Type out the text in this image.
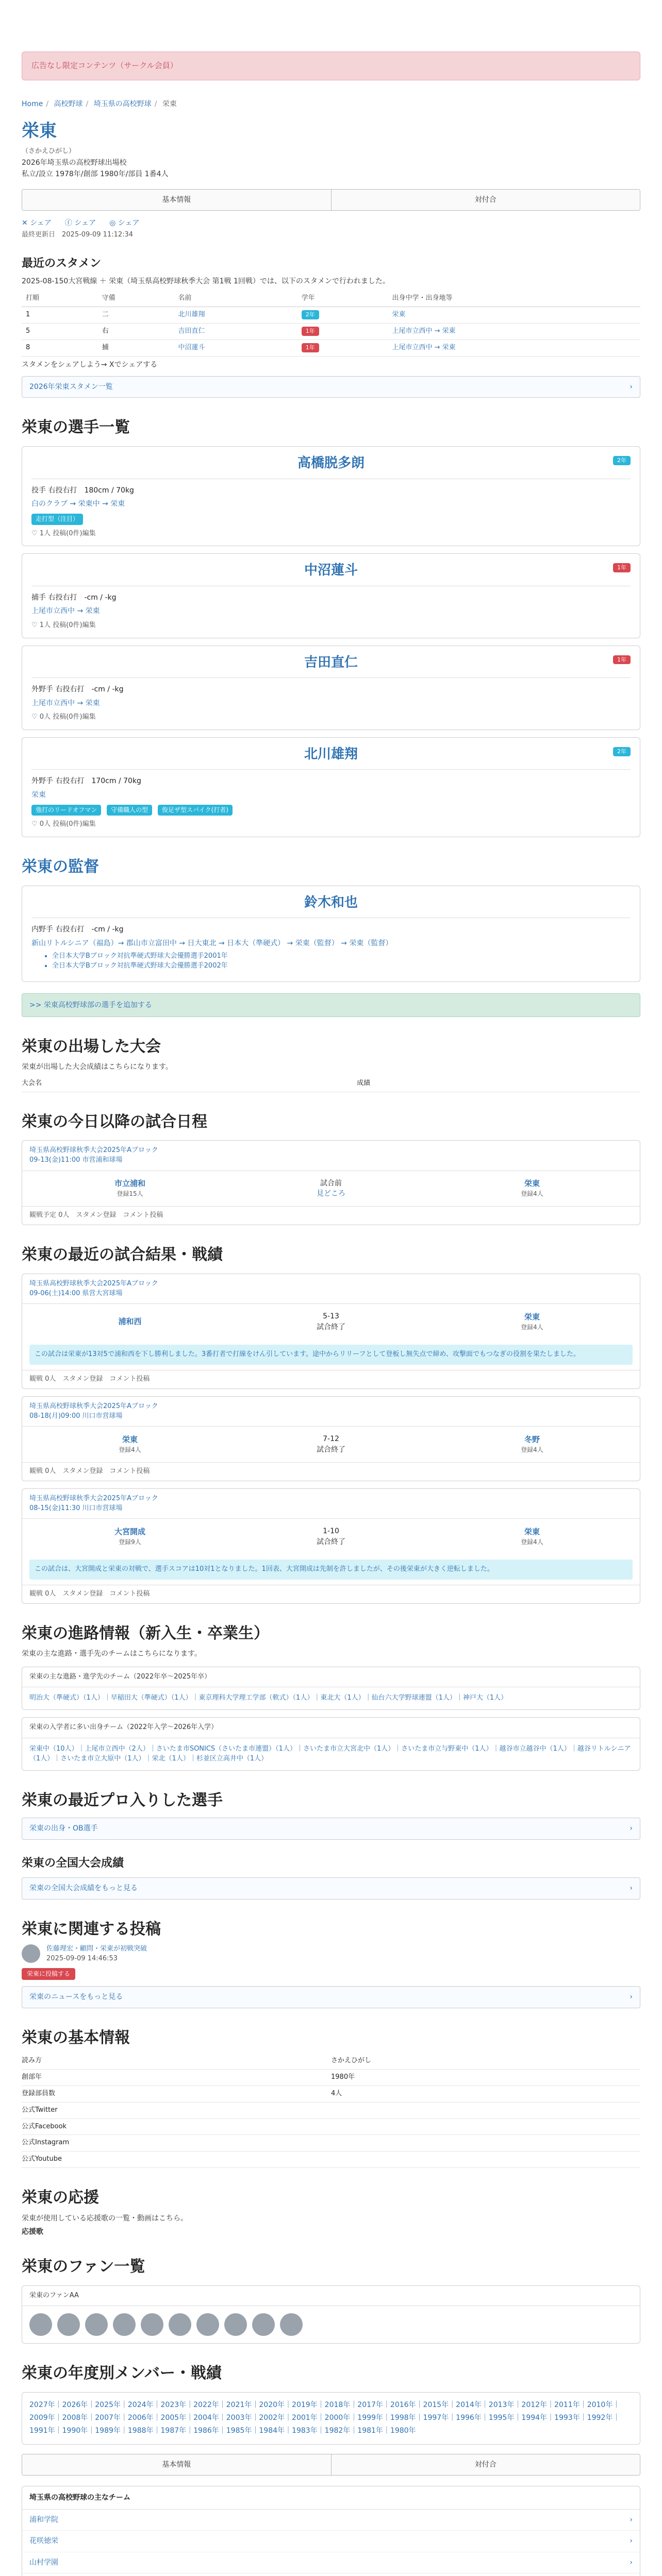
広告なし限定コンテンツ（サークル会員）
Home / 高校野球 / 埼玉県の高校野球 / 栄東
栄東
（さかえひがし）
2026年埼玉県の高校野球出場校
私立/設立 1978年/創部 1980年/部員 1番4人
基本情報	対付合
✕ シェア ⓕ シェア ◎ シェア
最終更新日　2025-09-09 11:12:34
最近のスタメン
2025-08-150大宮戦線 ＋ 栄東（埼玉県高校野球秋季大会 第1戦 1回戦）では、以下のスタメンで行われました。
打順	守備	名前	学年	出身中学・出身地等
1	二	北川雄翔	2年	栄東
5	右	吉田直仁	1年	上尾市立西中 → 栄東
8	捕	中沼蓮斗	1年	上尾市立西中 → 栄東
スタメンをシェアしよう→ Xでシェアする
2026年栄東スタメン一覧	›
栄東の選手一覧
高橋脱多朗	2年
投手 右投右打　180cm / 70kg
白のクラブ → 栄東中 → 栄東
走打型（注目）
♡ 1人 投稿(0件)編集
中沼蓮斗	1年
捕手 右投右打　-cm / -kg
上尾市立西中 → 栄東
♡ 1人 投稿(0件)編集
吉田直仁	1年
外野手 右投右打　-cm / -kg
上尾市立西中 → 栄東
♡ 0人 投稿(0件)編集
北川雄翔	2年
外野手 右投右打　170cm / 70kg
栄東
強打のリードオフマン 守備職人の型 俊足ザ型スパイク(打者)
♡ 0人 投稿(0件)編集
栄東の監督
鈴木和也
内野手 右投右打　-cm / -kg
新山リトルシニア（福島）→ 郡山市立富田中 → 日大東北 → 日本大（準硬式） → 栄東（監督） → 栄東（監督）
• 全日本大学Bブロック対抗準硬式野球大会優勝選手2001年
• 全日本大学Bブロック対抗準硬式野球大会優勝選手2002年
>> 栄東高校野球部の選手を追加する
栄東の出場した大会
栄東が出場した大会成績はこちらになります。
大会名	成績
栄東の今日以降の試合日程
埼玉県高校野球秋季大会2025年Aブロック
09-13(金)11:00 市営浦和球場
市立浦和
登録15人
試合前
見どころ
栄東
登録4人
観戦予定 0人　スタメン登録　コメント投稿
栄東の最近の試合結果・戦績
埼玉県高校野球秋季大会2025年Aブロック
09-06(土)14:00 県営大宮球場
浦和西
5-13
試合終了
栄東
登録4人
この試合は栄東が13対5で浦和西を下し勝利しました。3番打者で打線をけん引しています。途中からリリーフとして登板し無失点で締め、攻撃面でもつなぎの役割を果たしました。
観戦 0人　スタメン登録　コメント投稿
埼玉県高校野球秋季大会2025年Aブロック
08-18(月)09:00 川口市営球場
栄東
登録4人
7-12
試合終了
冬野
登録4人
観戦 0人　スタメン登録　コメント投稿
埼玉県高校野球秋季大会2025年Aブロック
08-15(金)11:30 川口市営球場
大宮開成
登録9人
1-10
試合終了
栄東
登録4人
この試合は、大宮開成と栄東の対戦で、選手スコアは10対1となりました。1回表、大宮開成は先制を許しましたが、その後栄東が大きく逆転しました。
観戦 0人　スタメン登録　コメント投稿
栄東の進路情報（新入生・卒業生）
栄東の主な進路・選手先のチームはこちらになります。
栄東の主な進路・進学先のチーム（2022年卒〜2025年卒）
明治大（準硬式）（1人）｜早稲田大（準硬式）（1人）｜東京理科大学理工学部（軟式）（1人）｜東北大（1人）｜仙台六大学野球連盟（1人）｜神戸大（1人）
栄東の入学者に多い出身チーム（2022年入学〜2026年入学）
栄東中（10人）｜上尾市立西中（2人）｜さいたま市SONICS（さいたま市連盟）（1人）｜さいたま市立大宮北中（1人）｜さいたま市立与野東中（1人）｜越谷市立越谷中（1人）｜越谷リトルシニア（1人）｜さいたま市立大原中（1人）｜栄北（1人）｜杉並区立高井中（1人）
栄東の最近プロ入りした選手
栄東の出身・OB選手	›
栄東の全国大会成績
栄東の全国大会成績をもっと見る	›
栄東に関連する投稿
佐藤理宏・顧問・栄東が初戦突破
2025-09-09 14:46:53
栄東に投稿する
栄東のニュースをもっと見る	›
栄東の基本情報
読み方	さかえひがし
創部年	1980年
登録部員数	4人
公式Twitter
公式Facebook
公式Instagram
公式Youtube
栄東の応援
栄東が使用している応援歌の一覧・動画はこちら。
応援歌
栄東のファン一覧
栄東のファンAA
栄東の年度別メンバー・戦績
2027年｜2026年｜2025年｜2024年｜2023年｜2022年｜2021年｜2020年｜2019年｜2018年｜2017年｜2016年｜2015年｜2014年｜2013年｜2012年｜2011年｜2010年｜2009年｜2008年｜2007年｜2006年｜2005年｜2004年｜2003年｜2002年｜2001年｜2000年｜1999年｜1998年｜1997年｜1996年｜1995年｜1994年｜1993年｜1992年｜1991年｜1990年｜1989年｜1988年｜1987年｜1986年｜1985年｜1984年｜1983年｜1982年｜1981年｜1980年
基本情報	対付合
埼玉県の高校野球の主なチーム
浦和学院	›
花咲徳栄	›
山村学園	›
